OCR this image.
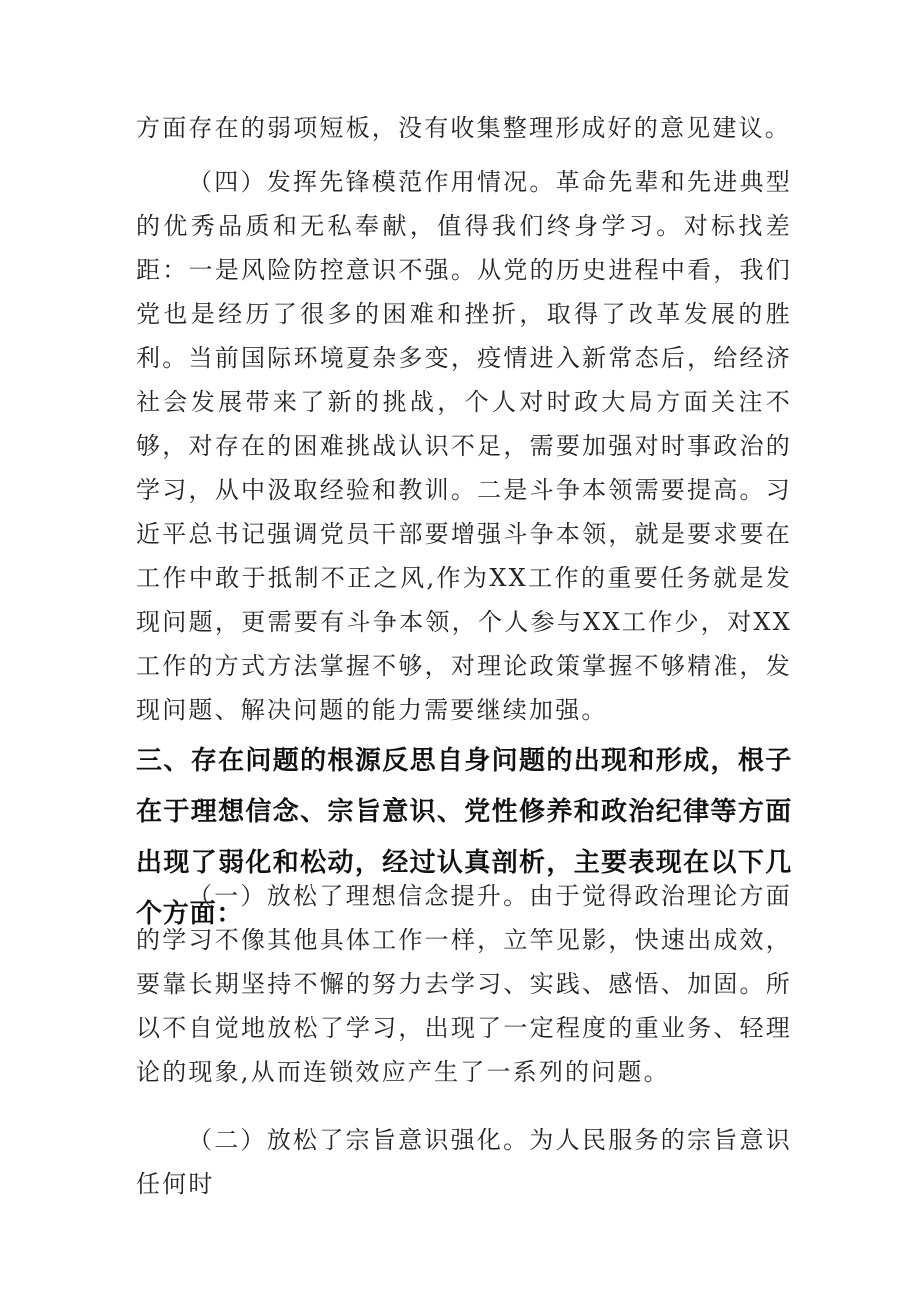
方面存在的弱项短板，没有收集整理形成好的意见建议。

（四）发挥先锋模范作用情况。革命先辈和先进典型的优秀品质和无私奉献，值得我们终身学习。对标找差距：一是风险防控意识不强。从党的历史进程中看，我们党也是经历了很多的困难和挫折，取得了改革发展的胜利。当前国际环境夏杂多变，疫情进入新常态后，给经济社会发展带来了新的挑战，个人对时政大局方面关注不够，对存在的困难挑战认识不足，需要加强对时事政治的学习，从中汲取经验和教训。二是斗争本领需要提高。习近平总书记强调党员干部要增强斗争本领，就是要求要在工作中敢于抵制不正之风,作为XX工作的重要任务就是发现问题，更需要有斗争本领，个人参与XX工作少，对XX工作的方式方法掌握不够，对理论政策掌握不够精准，发现问题、解决问题的能力需要继续加强。

三、存在问题的根源反思自身问题的出现和形成，根子在于理想信念、宗旨意识、党性修养和政治纪律等方面出现了弱化和松动，经过认真剖析，主要表现在以下几个方面：

（一）放松了理想信念提升。由于觉得政治理论方面的学习不像其他具体工作一样，立竿见影，快速出成效，要靠长期坚持不懈的努力去学习、实践、感悟、加固。所以不自觉地放松了学习，出现了一定程度的重业务、轻理论的现象,从而连锁效应产生了一系列的问题。

（二）放松了宗旨意识强化。为人民服务的宗旨意识任何时
